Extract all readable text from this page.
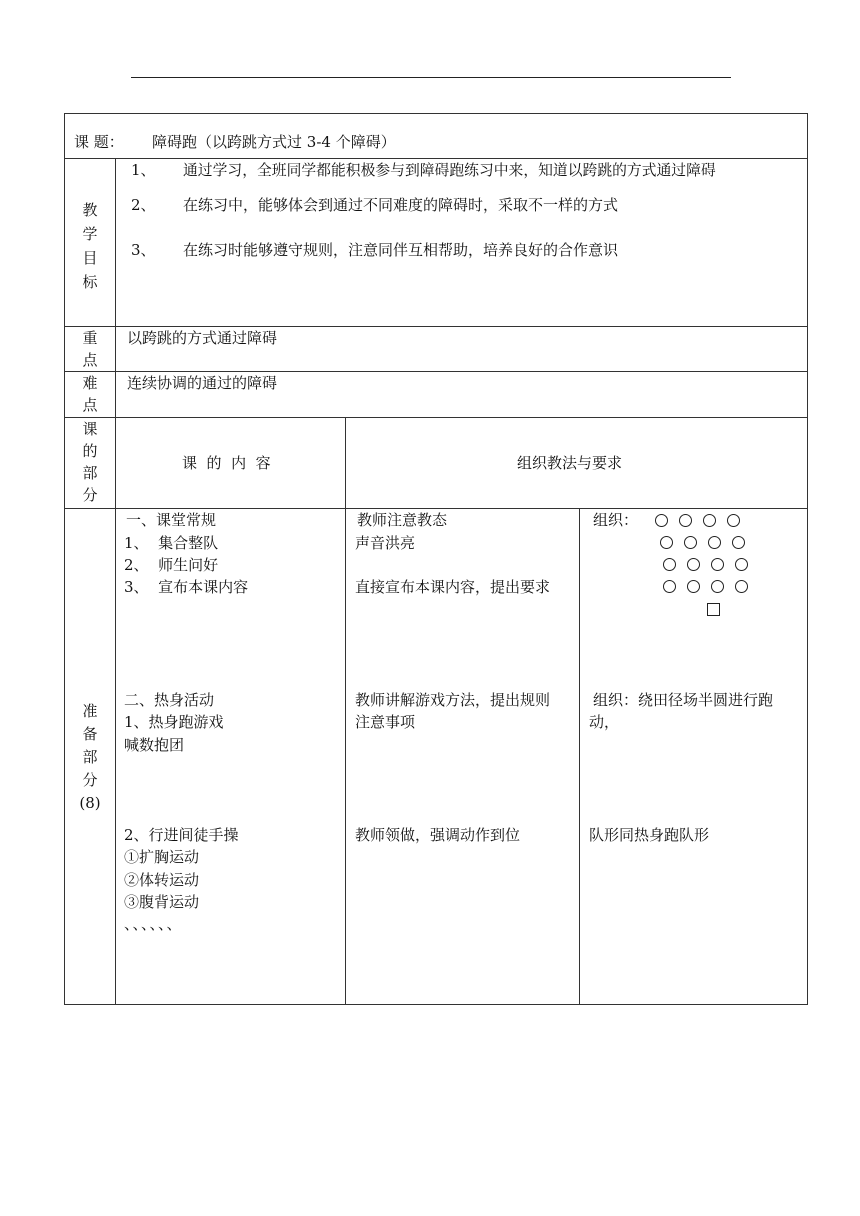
课 题： 障碍跑（以跨跳方式过 3-4 个障碍）
教
学
目
标
1、 通过学习，全班同学都能积极参与到障碍跑练习中来，知道以跨跳的方式通过障碍
2、 在练习中，能够体会到通过不同难度的障碍时，采取不一样的方式
3、 在练习时能够遵守规则，注意同伴互相帮助，培养良好的合作意识
重
点
以跨跳的方式通过障碍
难
点
连续协调的通过的障碍
课
的
部
分
课  的  内  容	组织教法与要求
准
备
部
分
(8)
一、课堂常规
1、  集合整队
2、  师生问好
3、  宣布本课内容
二、热身活动
1、热身跑游戏
喊数抱团
2、行进间徒手操
①扩胸运动
②体转运动
③腹背运动
、、、、、、
教师注意教态
声音洪亮
直接宣布本课内容，提出要求
教师讲解游戏方法，提出规则
注意事项
教师领做，强调动作到位
组织：
组织：绕田径场半圆进行跑
动，
队形同热身跑队形
